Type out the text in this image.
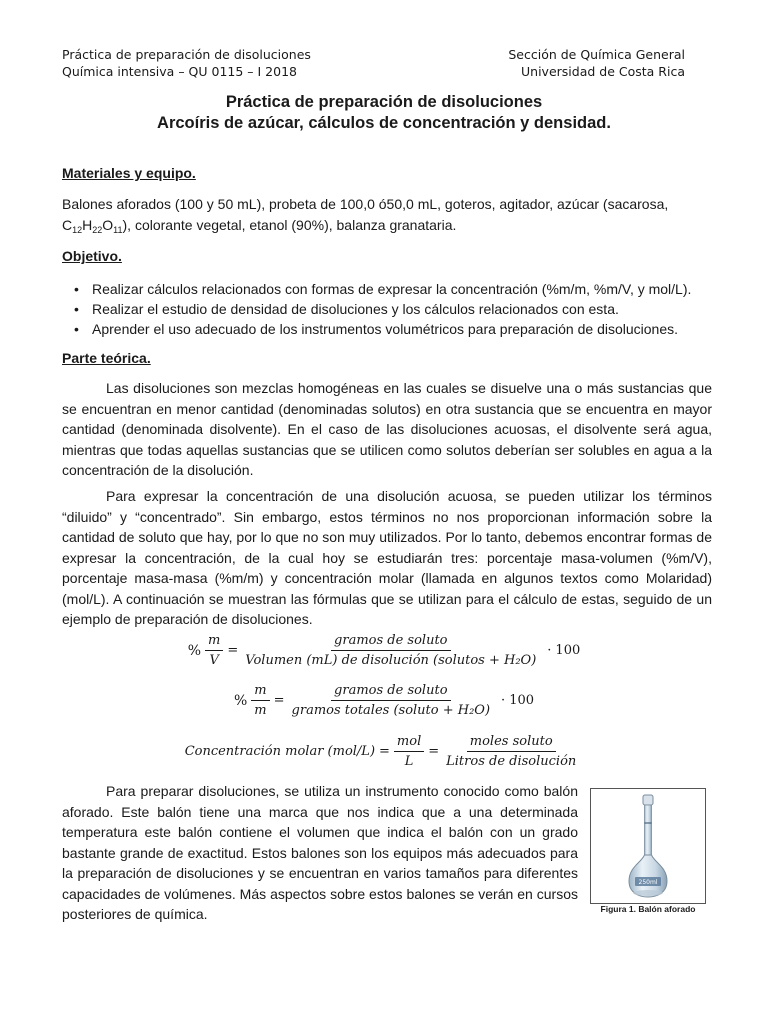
Práctica de preparación de disoluciones
Química intensiva – QU 0115 – I 2018
Sección de Química General
Universidad de Costa Rica
Práctica de preparación de disoluciones
Arcoíris de azúcar, cálculos de concentración y densidad.
Materiales y equipo.
Balones aforados (100 y 50 mL), probeta de 100,0 ó50,0 mL, goteros, agitador, azúcar (sacarosa,
$C_{12}H_{22}O_{11}$), colorante vegetal, etanol (90%), balanza granataria.
Objetivo.
• Realizar cálculos relacionados con formas de expresar la concentración (%m/m, %m/V, y mol/L).
• Realizar el estudio de densidad de disoluciones y los cálculos relacionados con esta.
• Aprender el uso adecuado de los instrumentos volumétricos para preparación de disoluciones.
Parte teórica.

Las disoluciones son mezclas homogéneas en las cuales se disuelve una o más sustancias que se encuentran en menor cantidad (denominadas solutos) en otra sustancia que se encuentra en mayor cantidad (denominada disolvente). En el caso de las disoluciones acuosas, el disolvente será agua, mientras que todas aquellas sustancias que se utilicen como solutos deberían ser solubles en agua a la concentración de la disolución.

Para expresar la concentración de una disolución acuosa, se pueden utilizar los términos “diluido” y “concentrado”. Sin embargo, estos términos no nos proporcionan información sobre la cantidad de soluto que hay, por lo que no son muy utilizados. Por lo tanto, debemos encontrar formas de expresar la concentración, de la cual hoy se estudiarán tres: porcentaje masa-volumen (%m/V), porcentaje masa-masa (%m/m) y concentración molar (llamada en algunos textos como Molaridad) (mol/L). A continuación se muestran las fórmulas que se utilizan para el cálculo de estas, seguido de un ejemplo de preparación de disoluciones.

% $\frac{m}{V} = \frac{\text{gramos de soluto}}{\text{Volumen (mL) de disolución (solutos + H₂O)}} \cdot 100$
% $\frac{m}{m} = \frac{\text{gramos de soluto}}{\text{gramos totales (soluto + H₂O)}} \cdot 100$
Concentración molar $(mol/L) = \frac{\text{mol}}{L} = \frac{\text{moles soluto}}{\text{Litros de disolución}}$

Para preparar disoluciones, se utiliza un instrumento conocido como balón aforado. Este balón tiene una marca que nos indica que a una determinada temperatura este balón contiene el volumen que indica el balón con un grado bastante grande de exactitud. Estos balones son los equipos más adecuados para la preparación de disoluciones y se encuentran en varios tamaños para diferentes capacidades de volúmenes. Más aspectos sobre estos balones se verán en cursos posteriores de química.

250ml
Figura 1. Balón aforado
